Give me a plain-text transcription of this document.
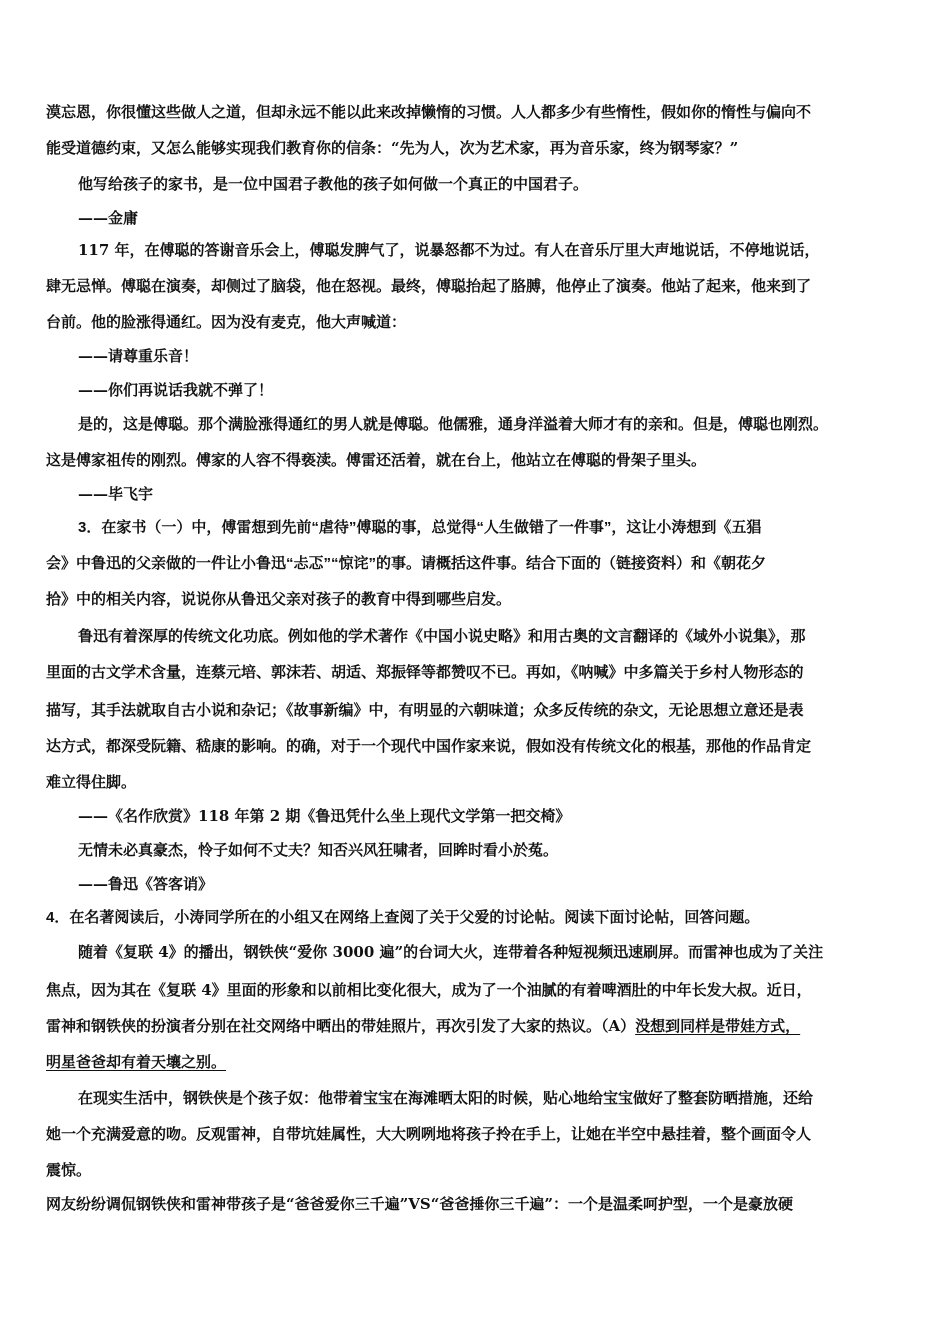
漠忘恩，你很懂这些做人之道，但却永远不能以此来改掉懒惰的习惯。人人都多少有些惰性，假如你的惰性与偏向不
能受道德约束，又怎么能够实现我们教育你的信条：“先为人，次为艺术家，再为音乐家，终为钢琴家？”
他写给孩子的家书，是一位中国君子教他的孩子如何做一个真正的中国君子。
——金庸
117 年，在傅聪的答谢音乐会上，傅聪发脾气了，说暴怒都不为过。有人在音乐厅里大声地说话，不停地说话，
肆无忌惮。傅聪在演奏，却侧过了脑袋，他在怒视。最终，傅聪抬起了胳膊，他停止了演奏。他站了起来，他来到了
台前。他的脸涨得通红。因为没有麦克，他大声喊道：
——请尊重乐音！
——你们再说话我就不弹了！
是的，这是傅聪。那个满脸涨得通红的男人就是傅聪。他儒雅，通身洋溢着大师才有的亲和。但是，傅聪也刚烈。
这是傅家祖传的刚烈。傅家的人容不得亵渎。傅雷还活着，就在台上，他站立在傅聪的骨架子里头。
——毕飞宇
3．在家书（一）中，傅雷想到先前“虐待”傅聪的事，总觉得“人生做错了一件事”，这让小涛想到《五猖
会》中鲁迅的父亲做的一件让小鲁迅“忐忑”“惊诧”的事。请概括这件事。结合下面的（链接资料）和《朝花夕
拾》中的相关内容，说说你从鲁迅父亲对孩子的教育中得到哪些启发。
鲁迅有着深厚的传统文化功底。例如他的学术著作《中国小说史略》和用古奥的文言翻译的《域外小说集》，那
里面的古文学术含量，连蔡元培、郭沫若、胡适、郑振铎等都赞叹不已。再如，《呐喊》中多篇关于乡村人物形态的
描写，其手法就取自古小说和杂记；《故事新编》中，有明显的六朝味道；众多反传统的杂文，无论思想立意还是表
达方式，都深受阮籍、嵇康的影响。的确，对于一个现代中国作家来说，假如没有传统文化的根基，那他的作品肯定
难立得住脚。
——《名作欣赏》118 年第 2 期《鲁迅凭什么坐上现代文学第一把交椅》
无情未必真豪杰，怜子如何不丈夫？知否兴风狂啸者，回眸时看小於菟。
——鲁迅《答客诮》
4．在名著阅读后，小涛同学所在的小组又在网络上查阅了关于父爱的讨论帖。阅读下面讨论帖，回答问题。
随着《复联 4》的播出，钢铁侠“爱你 3000 遍”的台词大火，连带着各种短视频迅速刷屏。而雷神也成为了关注
焦点，因为其在《复联 4》里面的形象和以前相比变化很大，成为了一个油腻的有着啤酒肚的中年长发大叔。近日，
雷神和钢铁侠的扮演者分别在社交网络中晒出的带娃照片，再次引发了大家的热议。（A）没想到同样是带娃方式，
明星爸爸却有着天壤之别。
在现实生活中，钢铁侠是个孩子奴：他带着宝宝在海滩晒太阳的时候，贴心地给宝宝做好了整套防晒措施，还给
她一个充满爱意的吻。反观雷神，自带坑娃属性，大大咧咧地将孩子拎在手上，让她在半空中悬挂着，整个画面令人
震惊。
网友纷纷调侃钢铁侠和雷神带孩子是“爸爸爱你三千遍”VS“爸爸捶你三千遍”：一个是温柔呵护型，一个是豪放硬
